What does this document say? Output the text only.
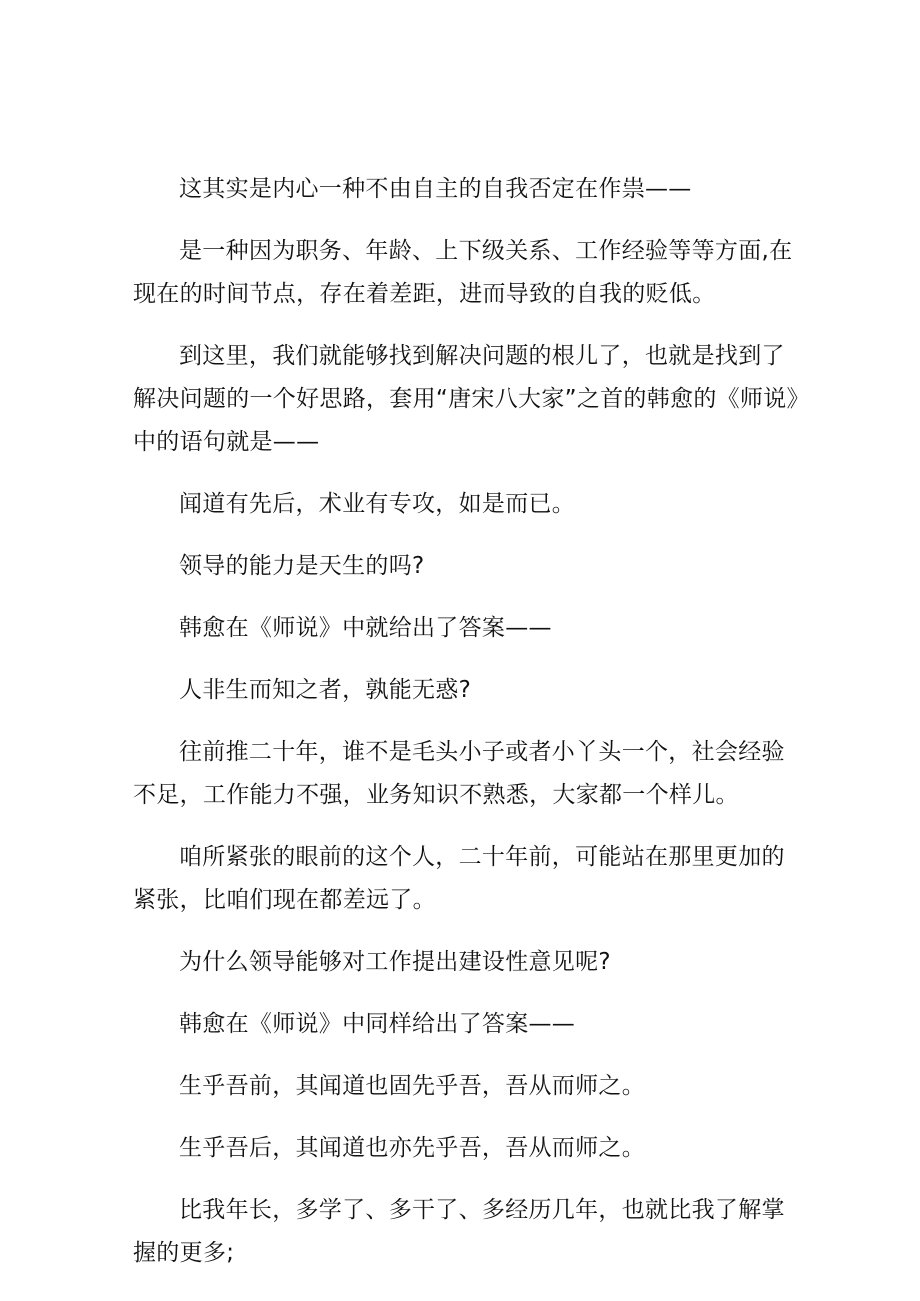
这其实是内心一种不由自主的自我否定在作祟——

是一种因为职务、年龄、上下级关系、工作经验等等方面,在现在的时间节点，存在着差距，进而导致的自我的贬低。

到这里，我们就能够找到解决问题的根儿了，也就是找到了解决问题的一个好思路，套用“唐宋八大家”之首的韩愈的《师说》中的语句就是——

闻道有先后，术业有专攻，如是而已。

领导的能力是天生的吗?

韩愈在《师说》中就给出了答案——

人非生而知之者，孰能无惑?

往前推二十年，谁不是毛头小子或者小丫头一个，社会经验不足，工作能力不强，业务知识不熟悉，大家都一个样儿。

咱所紧张的眼前的这个人，二十年前，可能站在那里更加的紧张，比咱们现在都差远了。

为什么领导能够对工作提出建设性意见呢?

韩愈在《师说》中同样给出了答案——

生乎吾前，其闻道也固先乎吾，吾从而师之。

生乎吾后，其闻道也亦先乎吾，吾从而师之。

比我年长，多学了、多干了、多经历几年，也就比我了解掌握的更多;
